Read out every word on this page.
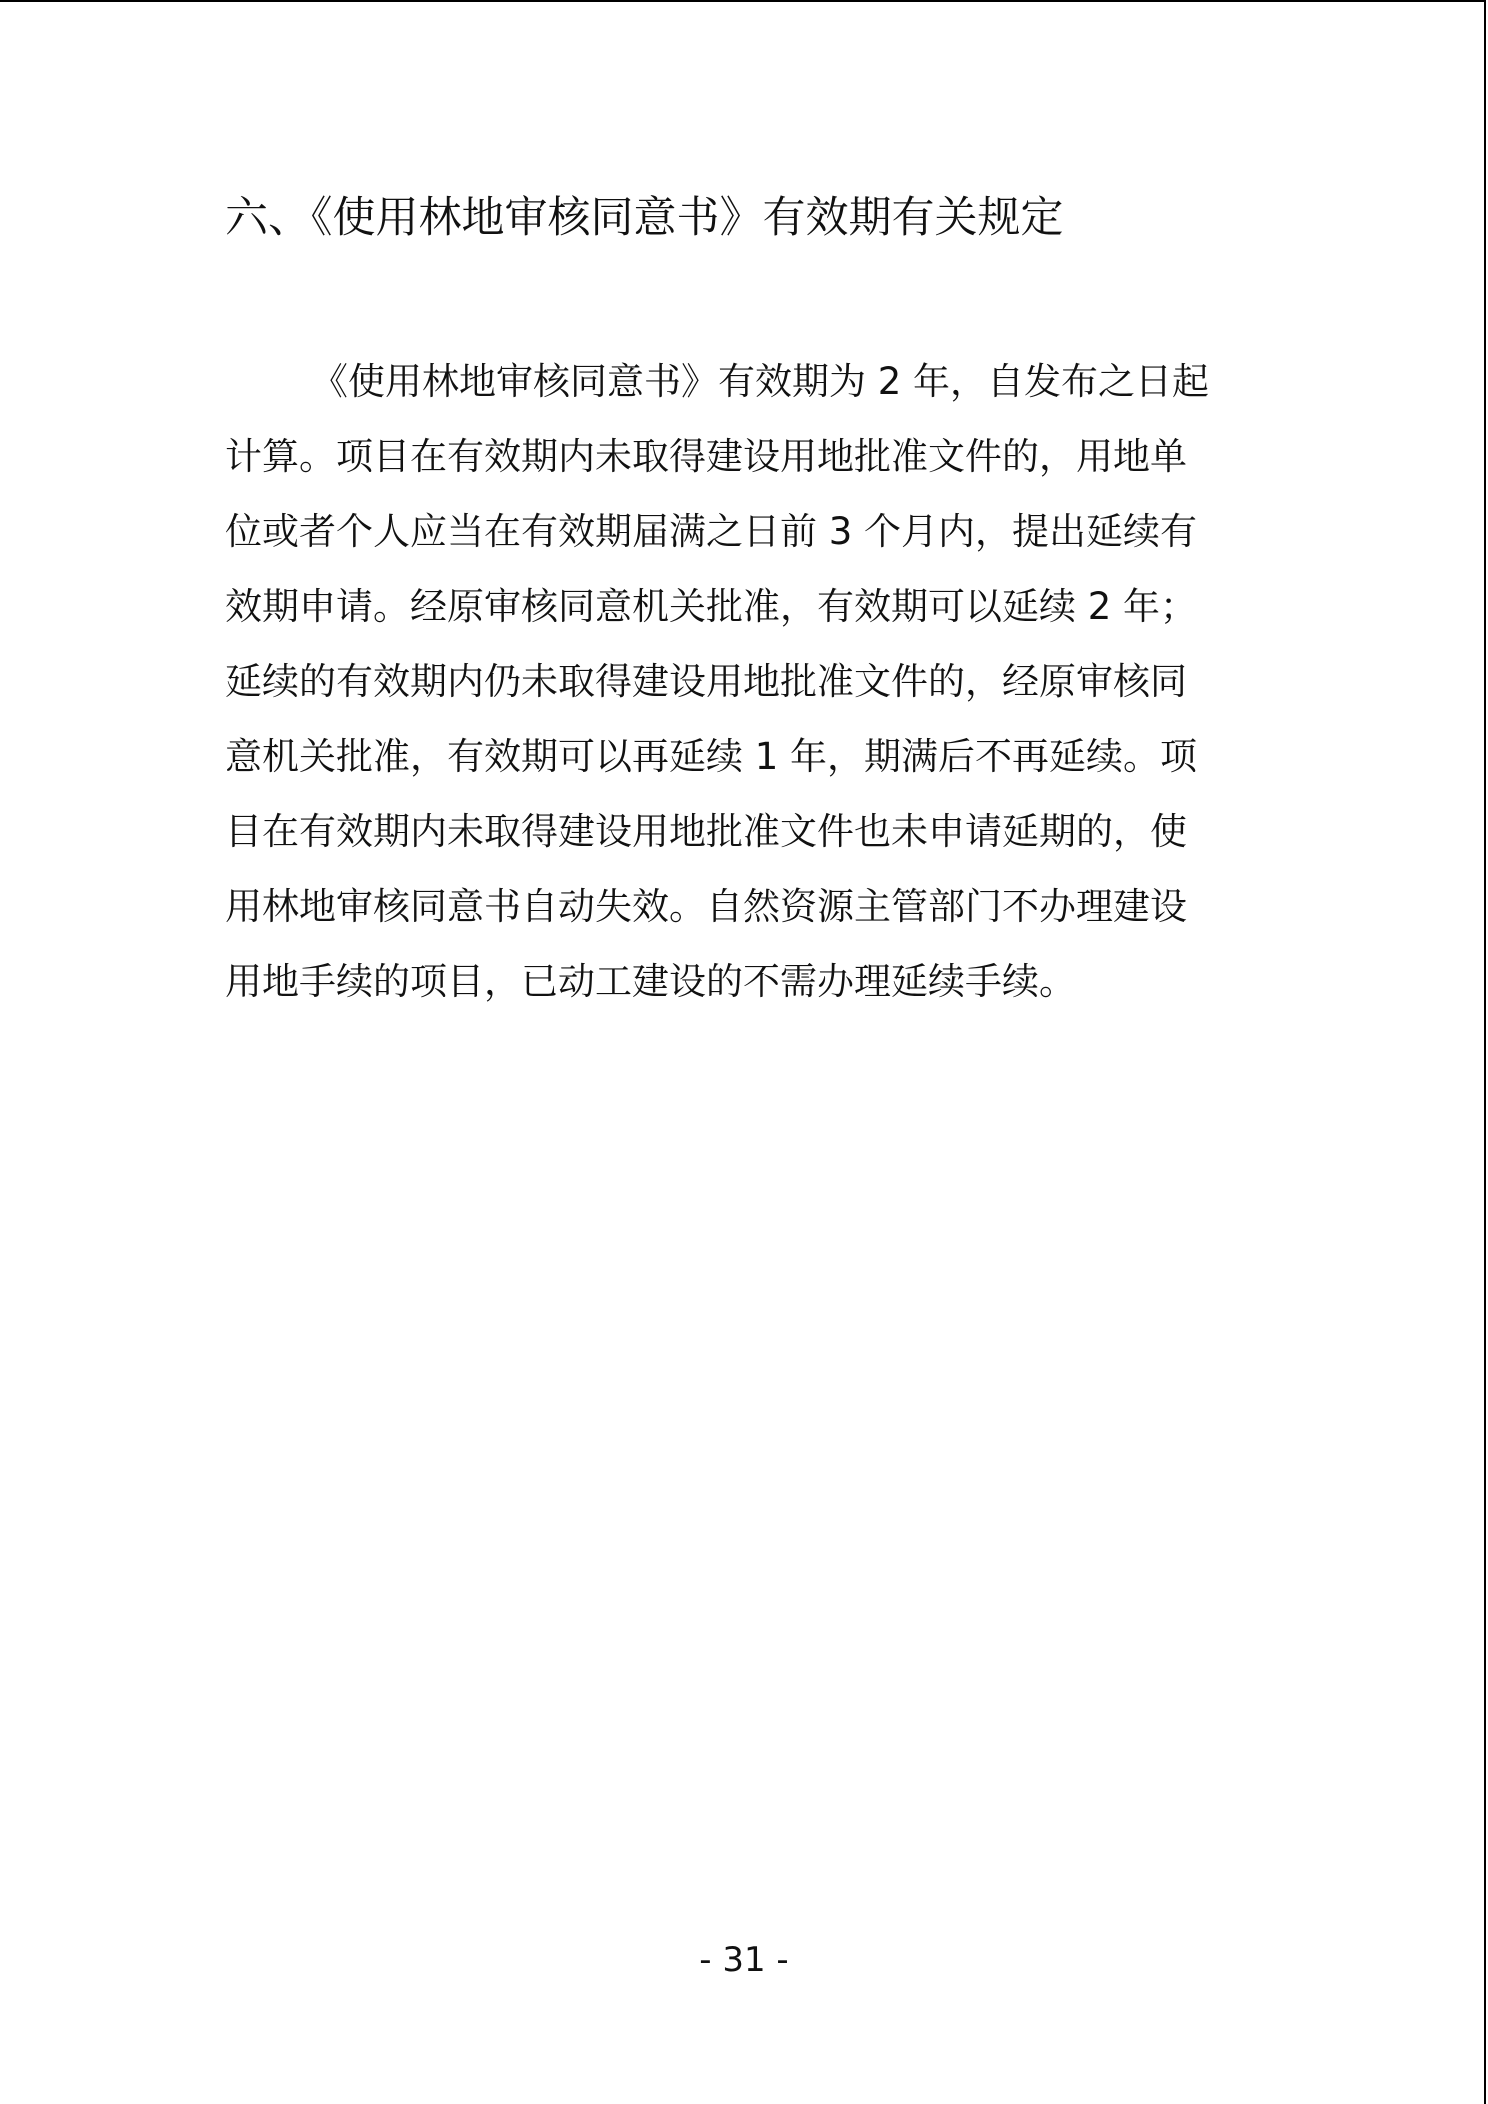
六、《使用林地审核同意书》有效期有关规定
《使用林地审核同意书》有效期为 2 年，自发布之日起
计算。项目在有效期内未取得建设用地批准文件的，用地单
位或者个人应当在有效期届满之日前 3 个月内，提出延续有
效期申请。经原审核同意机关批准，有效期可以延续 2 年；
延续的有效期内仍未取得建设用地批准文件的，经原审核同
意机关批准，有效期可以再延续 1 年，期满后不再延续。项
目在有效期内未取得建设用地批准文件也未申请延期的，使
用林地审核同意书自动失效。自然资源主管部门不办理建设
用地手续的项目，已动工建设的不需办理延续手续。
- 31 -
